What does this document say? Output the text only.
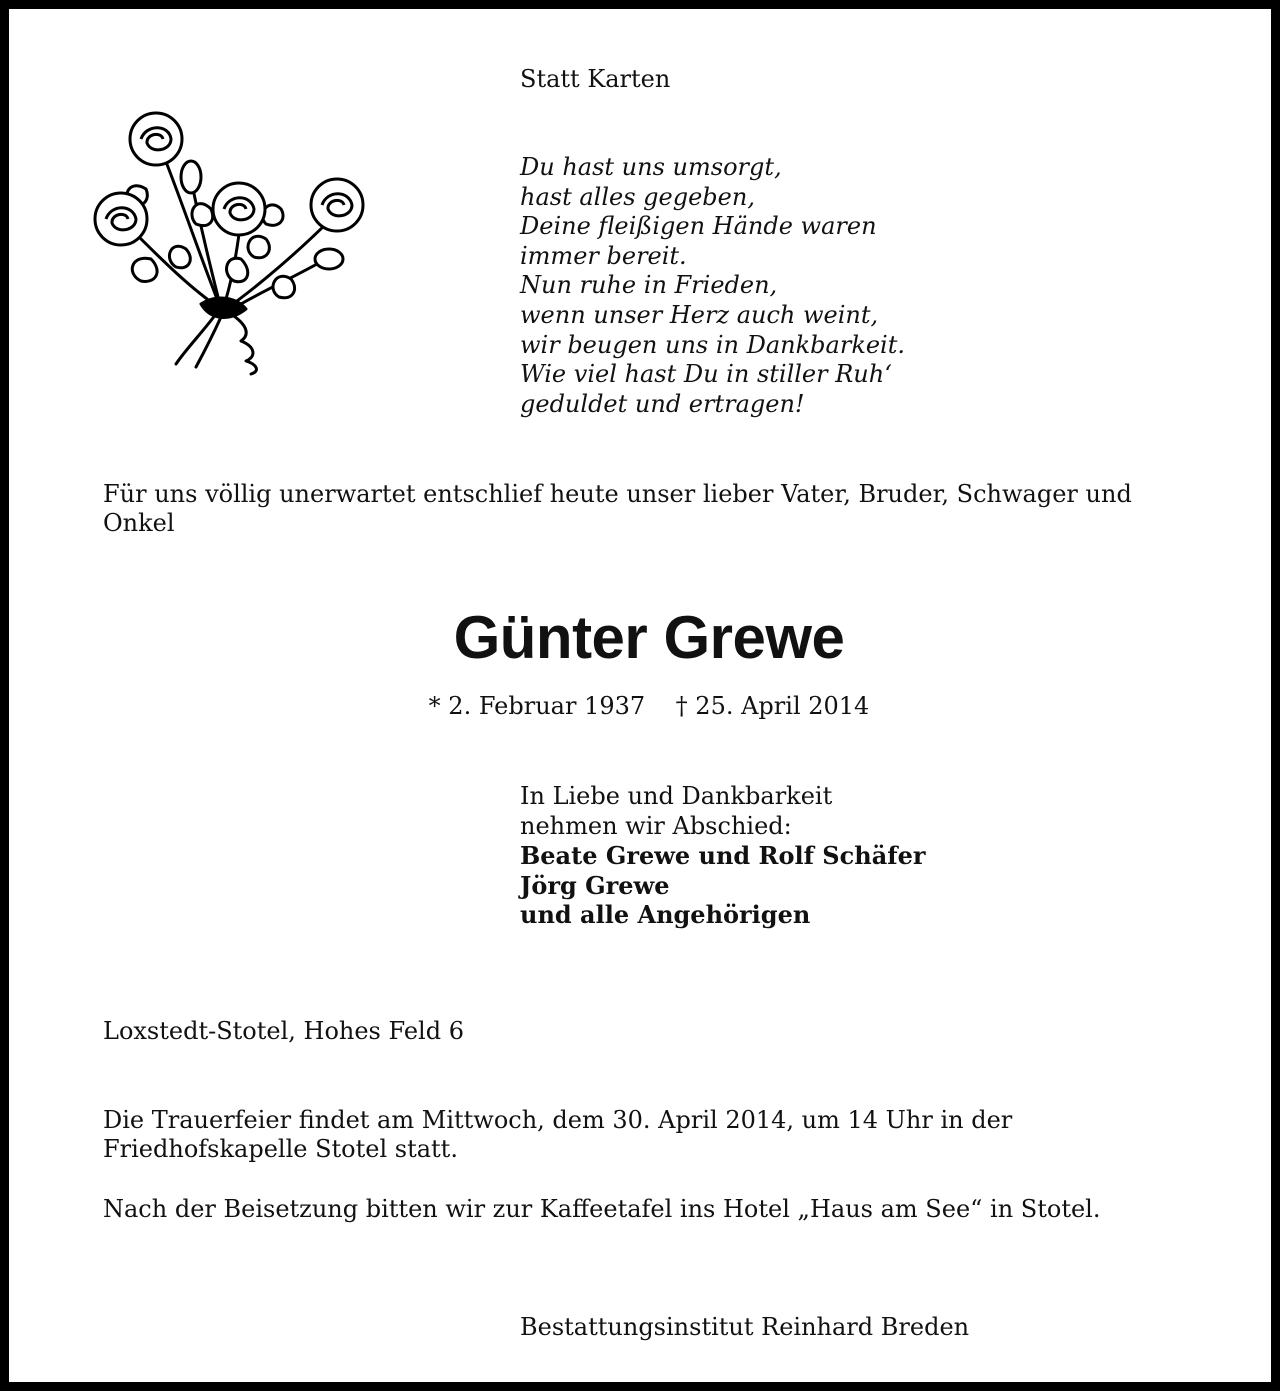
Statt Karten
Du hast uns umsorgt,
hast alles gegeben,
Deine fleißigen Hände waren
immer bereit.
Nun ruhe in Frieden,
wenn unser Herz auch weint,
wir beugen uns in Dankbarkeit.
Wie viel hast Du in stiller Ruh‘
geduldet und ertragen!
Für uns völlig unerwartet entschlief heute unser lieber Vater, Bruder, Schwager und Onkel
Günter Grewe
* 2. Februar 1937 † 25. April 2014
In Liebe und Dankbarkeit
nehmen wir Abschied:
Beate Grewe und Rolf Schäfer
Jörg Grewe
und alle Angehörigen
Loxstedt-Stotel, Hohes Feld 6
Die Trauerfeier findet am Mittwoch, dem 30. April 2014, um 14 Uhr in der Friedhofskapelle Stotel statt.
Nach der Beisetzung bitten wir zur Kaffeetafel ins Hotel „Haus am See“ in Stotel.
Bestattungsinstitut Reinhard Breden
